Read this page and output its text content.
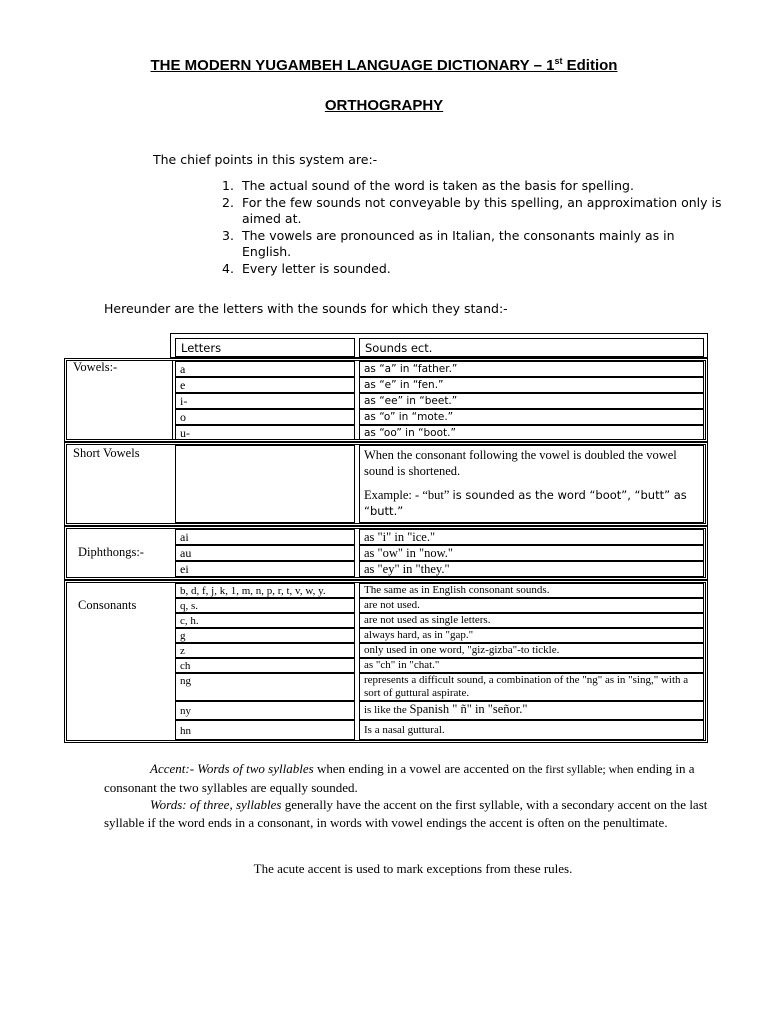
THE MODERN YUGAMBEH LANGUAGE DICTIONARY – 1st Edition
ORTHOGRAPHY
The chief points in this system are:-
1. The actual sound of the word is taken as the basis for spelling.
2. For the few sounds not conveyable by this spelling, an approximation only is aimed at.
3. The vowels are pronounced as in Italian, the consonants mainly as in English.
4. Every letter is sounded.
Hereunder are the letters with the sounds for which they stand:-
Letters	Sounds ect.
Vowels:-	a	as “a” in “father.”
e	as “e” in “fen.”
i-	as “ee” in “beet.”
o	as “o” in “mote.”
u-	as “oo” in “boot.”
Short Vowels	When the consonant following the vowel is doubled the vowel sound is shortened.
Example: - “but” is sounded as the word “boot”, “butt” as “butt.”
Diphthongs:-
ai	as "i" in "ice."
au	as "ow" in "now."
ei	as "ey" in "they."
Consonants
b, d, f, j, k, 1, m, n, p, r, t, v, w, y.	The same as in English consonant sounds.
q, s.	are not used.
c, h.	are not used as single letters.
g	always hard, as in "gap."
z	only used in one word, "giz-gizba"-to tickle.
ch	as "ch" in "chat."
ng	represents a difficult sound, a combination of the "ng" as in "sing," with a sort of guttural aspirate.
ny	is like the Spanish " ñ" in "señor."
hn	Is a nasal guttural.
Accent:- Words of two syllables when ending in a vowel are accented on the first syllable; when ending in a consonant the two syllables are equally sounded.
Words: of three, syllables generally have the accent on the first syllable, with a secondary accent on the last syllable if the word ends in a consonant, in words with vowel endings the accent is often on the penultimate.
The acute accent is used to mark exceptions from these rules.
